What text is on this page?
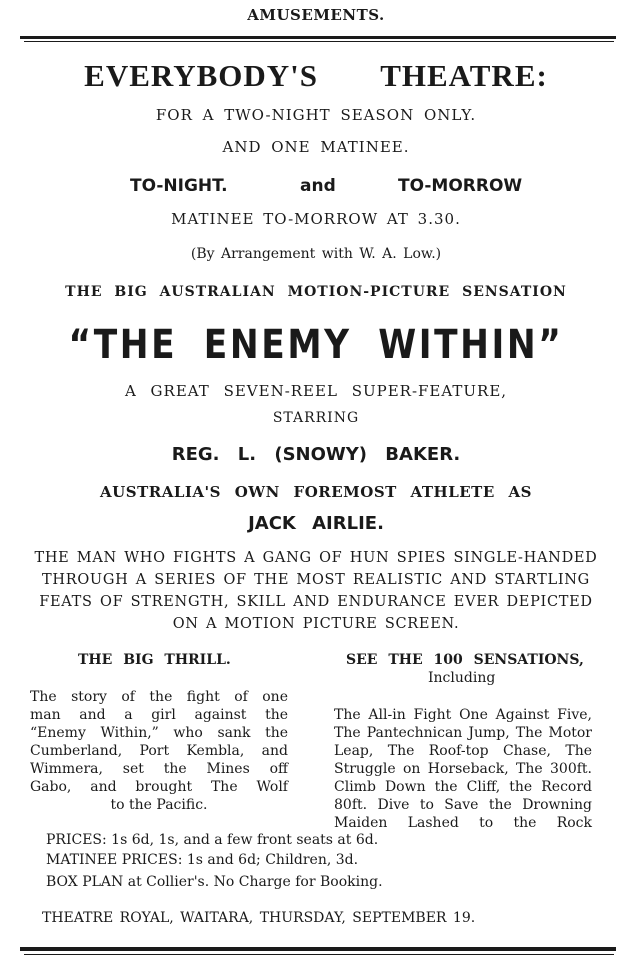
AMUSEMENTS.
EVERYBODY'S THEATRE:
FOR A TWO-NIGHT SEASON ONLY.
AND ONE MATINEE.
TO-NIGHT.	and	TO-MORROW
MATINEE TO-MORROW AT 3.30.
(By Arrangement with W. A. Low.)
THE BIG AUSTRALIAN MOTION-PICTURE SENSATION
“THE ENEMY WITHIN”
A GREAT SEVEN-REEL SUPER-FEATURE,
STARRING
REG. L. (SNOWY) BAKER.
AUSTRALIA'S OWN FOREMOST ATHLETE AS
JACK AIRLIE.
THE MAN WHO FIGHTS A GANG OF HUN SPIES SINGLE-HANDED
THROUGH A SERIES OF THE MOST REALISTIC AND STARTLING
FEATS OF STRENGTH, SKILL AND ENDURANCE EVER DEPICTED
ON A MOTION PICTURE SCREEN.
THE BIG THRILL.	SEE THE 100 SENSATIONS,
Including
The story of the fight of one
man and a girl against the
“Enemy Within,” who sank the
Cumberland, Port Kembla, and
Wimmera, set the Mines off
Gabo, and brought The Wolf
to the Pacific.
The All-in Fight One Against Five,
The Pantechnican Jump, The Motor
Leap, The Roof-top Chase, The
Struggle on Horseback, The 300ft.
Climb Down the Cliff, the Record
80ft. Dive to Save the Drowning
Maiden Lashed to the Rock
PRICES: 1s 6d, 1s, and a few front seats at 6d.
MATINEE PRICES: 1s and 6d; Children, 3d.
BOX PLAN at Collier's. No Charge for Booking.
THEATRE ROYAL, WAITARA, THURSDAY, SEPTEMBER 19.
